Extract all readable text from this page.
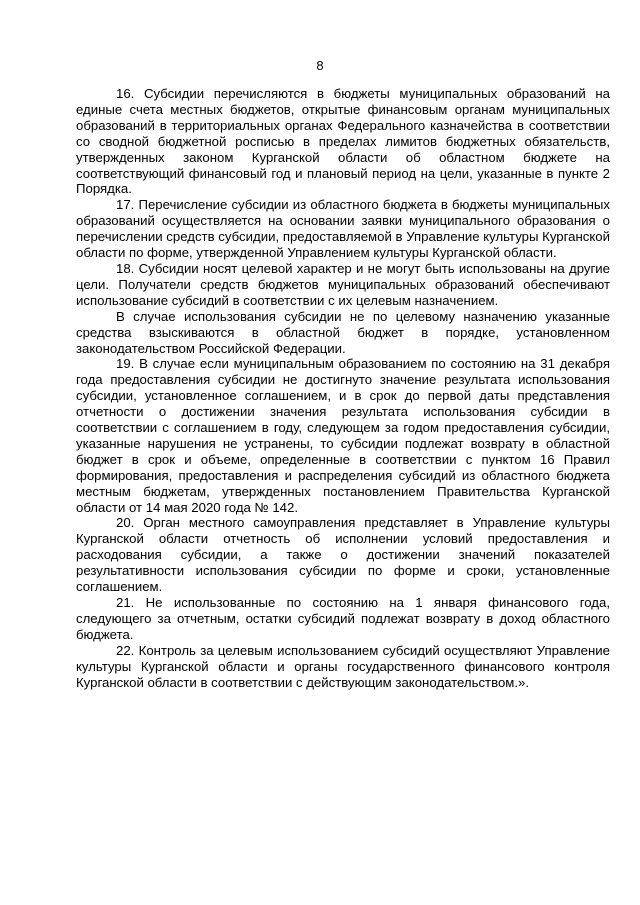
8

16. Субсидии перечисляются в бюджеты муниципальных образований на единые счета местных бюджетов, открытые финансовым органам муниципальных образований в территориальных органах Федерального казначейства в соответствии со сводной бюджетной росписью в пределах лимитов бюджетных обязательств, утвержденных законом Курганской области об областном бюджете на соответствующий финансовый год и плановый период на цели, указанные в пункте 2 Порядка.

17. Перечисление субсидии из областного бюджета в бюджеты муниципальных образований осуществляется на основании заявки муниципального образования о перечислении средств субсидии, предоставляемой в Управление культуры Курганской области по форме, утвержденной Управлением культуры Курганской области.

18. Субсидии носят целевой характер и не могут быть использованы на другие цели. Получатели средств бюджетов муниципальных образований обеспечивают использование субсидий в соответствии с их целевым назначением.

В случае использования субсидии не по целевому назначению указанные средства взыскиваются в областной бюджет в порядке, установленном законодательством Российской Федерации.

19. В случае если муниципальным образованием по состоянию на 31 декабря года предоставления субсидии не достигнуто значение результата использования субсидии, установленное соглашением, и в срок до первой даты представления отчетности о достижении значения результата использования субсидии в соответствии с соглашением в году, следующем за годом предоставления субсидии, указанные нарушения не устранены, то субсидии подлежат возврату в областной бюджет в срок и объеме, определенные в соответствии с пунктом 16 Правил формирования, предоставления и распределения субсидий из областного бюджета местным бюджетам, утвержденных постановлением Правительства Курганской области от 14 мая 2020 года № 142.

20. Орган местного самоуправления представляет в Управление культуры Курганской области отчетность об исполнении условий предоставления и расходования субсидии, а также о достижении значений показателей результативности использования субсидии по форме и сроки, установленные соглашением.

21. Не использованные по состоянию на 1 января финансового года, следующего за отчетным, остатки субсидий подлежат возврату в доход областного бюджета.

22. Контроль за целевым использованием субсидий осуществляют Управление культуры Курганской области и органы государственного финансового контроля Курганской области в соответствии с действующим законодательством.».
